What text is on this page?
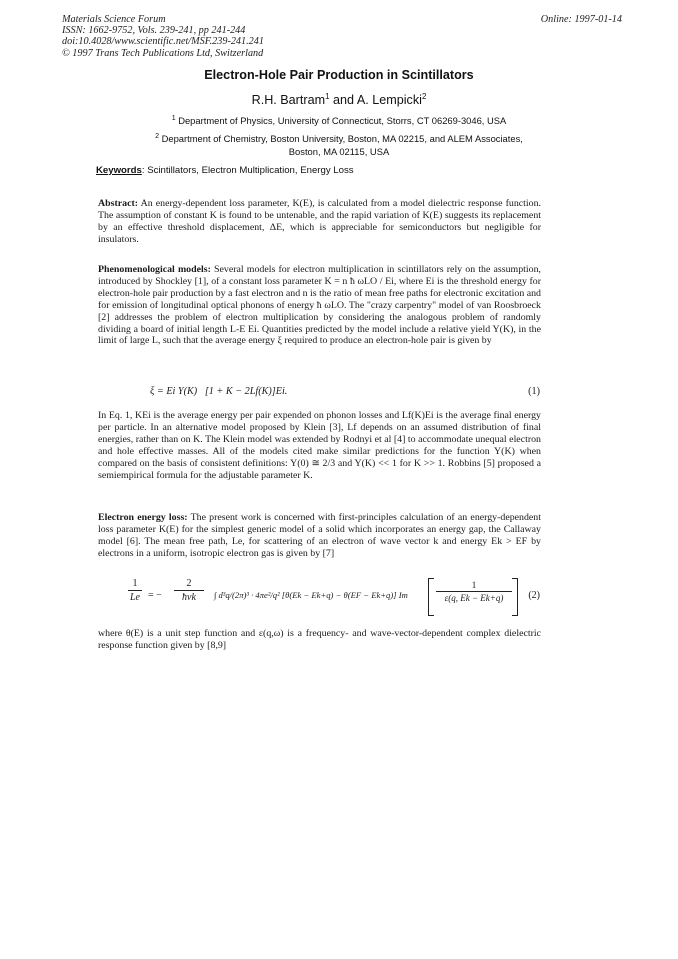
Materials Science Forum
ISSN: 1662-9752, Vols. 239-241, pp 241-244
doi:10.4028/www.scientific.net/MSF.239-241.241
© 1997 Trans Tech Publications Ltd, Switzerland
Online: 1997-01-14
Electron-Hole Pair Production in Scintillators
R.H. Bartram$^1$ and A. Lempicki$^2$
$^1$ Department of Physics, University of Connecticut, Storrs, CT 06269-3046, USA
$^2$ Department of Chemistry, Boston University, Boston, MA 02215, and ALEM Associates,
Boston, MA 02115, USA
Keywords: Scintillators, Electron Multiplication, Energy Loss
Abstract: An energy-dependent loss parameter, K(E), is calculated from a model dielectric response function. The assumption of constant K is found to be untenable, and the rapid variation of K(E) suggests its replacement by an effective threshold displacement, ΔE, which is appreciable for semiconductors but negligible for insulators.
Phenomenological models: Several models for electron multiplication in scintillators rely on the assumption, introduced by Shockley [1], of a constant loss parameter K = n ħ ωLO / Ei, where Ei is the threshold energy for electron-hole pair production by a fast electron and n is the ratio of mean free paths for electronic excitation and for emission of longitudinal optical phonons of energy ħ ωLO. The "crazy carpentry" model of van Roosbroeck [2] addresses the problem of electron multiplication by considering the analogous problem of randomly dividing a board of initial length L-E Ei. Quantities predicted by the model include a relative yield Y(K), in the limit of large L, such that the average energy ξ required to produce an electron-hole pair is given by
ξ = Ei Y(K)   [1 + K − 2Lf(K)]Ei.	(1)
In Eq. 1, KEi is the average energy per pair expended on phonon losses and Lf(K)Ei is the average final energy per particle. In an alternative model proposed by Klein [3], Lf depends on an assumed distribution of final energies, rather than on K. The Klein model was extended by Rodnyi et al [4] to accommodate unequal electron and hole effective masses. All of the models cited make similar predictions for the function Y(K) when compared on the basis of consistent definitions: Y(0) ≅ 2/3 and Y(K) << 1 for K >> 1. Robbins [5] proposed a semiempirical formula for the adjustable parameter K.
Electron energy loss: The present work is concerned with first-principles calculation of an energy-dependent loss parameter K(E) for the simplest generic model of a solid which incorporates an energy gap, the Callaway model [6]. The mean free path, Le, for scattering of an electron of wave vector k and energy Ek > EF by electrons in a uniform, isotropic electron gas is given by [7]
1
Le = −
2
ħvk	∫ d³q/(2π)³ · 4πe²/q² [θ(Ek − Ek+q) − θ(EF − Ek+q)] Im
1
ε(q, Ek − Ek+q)	(2)
where θ(E) is a unit step function and ε(q,ω) is a frequency- and wave-vector-dependent complex dielectric response function given by [8,9]
